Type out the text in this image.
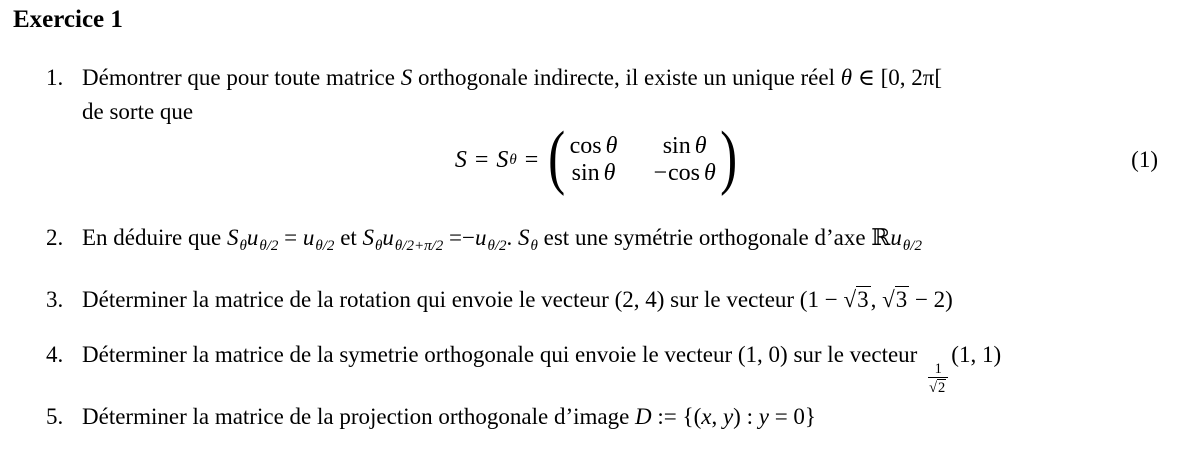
Exercice 1
1. Démontrer que pour toute matrice S orthogonale indirecte, il existe un unique réel θ ∈ [0, 2π[
de sorte que
S = S θ = ( cos θ sin θ
sin θ −cos θ )	(1)
2. En déduire que $S_\theta u_{\theta/2} = u_{\theta/2}$ et $S_\theta u_{\theta/2+\pi/2} =-u_{\theta/2}$. $S_\theta$ est une symétrie orthogonale d’axe ℝu$_{\theta/2}$
3. Déterminer la matrice de la rotation qui envoie le vecteur (2, 4) sur le vecteur (1 − √3, √3 − 2)
4. Déterminer la matrice de la symetrie orthogonale qui envoie le vecteur (1, 0) sur le vecteur
$\frac{1}{√2}$
(1, 1)
5. Déterminer la matrice de la projection orthogonale d’image D := {(x, y) : y = 0}
